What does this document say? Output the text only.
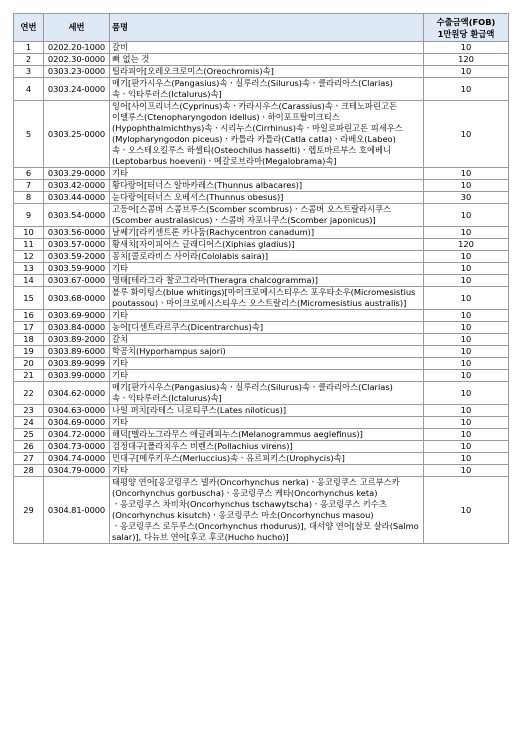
연번	세번	품명	수출금액(FOB)
1만원당 환급액

1	0202.20-1000	갈비	10
2	0202.30-0000	뼈 없는 것	120
3	0303.23-0000	틸라피아[오레오크로미스(Oreochromis)속]	10
4	0303.24-0000	메기[판가시우스(Pangasius)속ㆍ실루러스(Silurus)속ㆍ클라리아스(Clarias)속ㆍ익타루러스(Ictalurus)속]	10
5	0303.25-0000	잉어[사이프리너스(Cyprinus)속ㆍ카라시우스(Carassius)속ㆍ크테노파린고돈 이델루스(Ctenopharyngodon idellus)ㆍ하이포프탈미크티스(Hypophthalmichthys)속ㆍ시리누스(Cirrhinus)속ㆍ마일로파린고돈 피세우스(Mylopharyngodon piceus)ㆍ카틀라 카틀라(Catla catla)ㆍ라베오(Labeo)속ㆍ오스테오킬루스 하셀티(Osteochilus hasselti)ㆍ렙토바르부스 호에베니(Leptobarbus hoeveni)ㆍ메갈로브라마(Megalobrama)속]	10
6	0303.29-0000	기타	10
7	0303.42-0000	황다랑어[터너스 알바카레스(Thunnus albacares)]	10
8	0303.44-0000	눈다랑어[터너스 오베서스(Thunnus obesus)]	30
9	0303.54-0000	고등어[스콤버 스콤브루스(Scomber scombrus)ㆍ스콤버 오스트랄라시쿠스(Scomber australasicus)ㆍ스콤버 자포니쿠스(Scomber japonicus)]	10
10	0303.56-0000	날쎄기[라키센트론 카나둠(Rachycentron canadum)]	10
11	0303.57-0000	황새치[자이피어스 글래디어스(Xiphias gladius)]	120
12	0303.59-2000	꽁치[콜로라비스 사이라(Cololabis saira)]	10
13	0303.59-9000	기타	10
14	0303.67-0000	명태[테라그라 찰코그라마(Theragra chalcogramma)]	10
15	0303.68-0000	블루 화이팅스(blue whitings)[마이크로메시스티우스 포우타소우(Micromesistius poutassou)ㆍ마이크로메시스티우스 오스트랄리스(Micromesistius australis)]	10
16	0303.69-9000	기타	10
17	0303.84-0000	농어[디센트라르쿠스(Dicentrarchus)속]	10
18	0303.89-2000	갈치	10
19	0303.89-6000	학공치(Hyporhampus sajori)	10
20	0303.89-9099	기타	10
21	0303.99-0000	기타	10
22	0304.62-0000	메기[판가시우스(Pangasius)속ㆍ실루러스(Silurus)속ㆍ클라리아스(Clarias)속ㆍ익타루러스(Ictalurus)속]	10
23	0304.63-0000	나일 퍼치[라테스 니로티쿠스(Lates niloticus)]	10
24	0304.69-0000	기타	10
25	0304.72-0000	해덕[멜라노그라무스 애글레피누스(Melanogrammus aeglefinus)]	10
26	0304.73-0000	검정대구[폴라치우스 비렌스(Pollachius virens)]	10
27	0304.74-0000	민대구[메루키우스(Merluccius)속ㆍ유르피키스(Urophycis)속]	10
28	0304.79-0000	기타	10
29	0304.81-0000	태평양 연어[옹코링쿠스 넬카(Oncorhynchus nerka)ㆍ옹코링쿠스 고르부스카(Oncorhynchus gorbuscha)ㆍ옹코링쿠스 케타(Oncorhynchus keta)ㆍ옹코링쿠스 차비차(Oncorhynchus tschawytscha)ㆍ옹코링쿠스 키수츠(Oncorhynchus kisutch)ㆍ옹코링쿠스 마소(Oncorhynchus masou)ㆍ옹코링쿠스 로두루스(Oncorhynchus rhodurus)], 대서양 연어[살모 살라(Salmo salar)], 다뉴브 연어[후코 후코(Hucho hucho)]	10
